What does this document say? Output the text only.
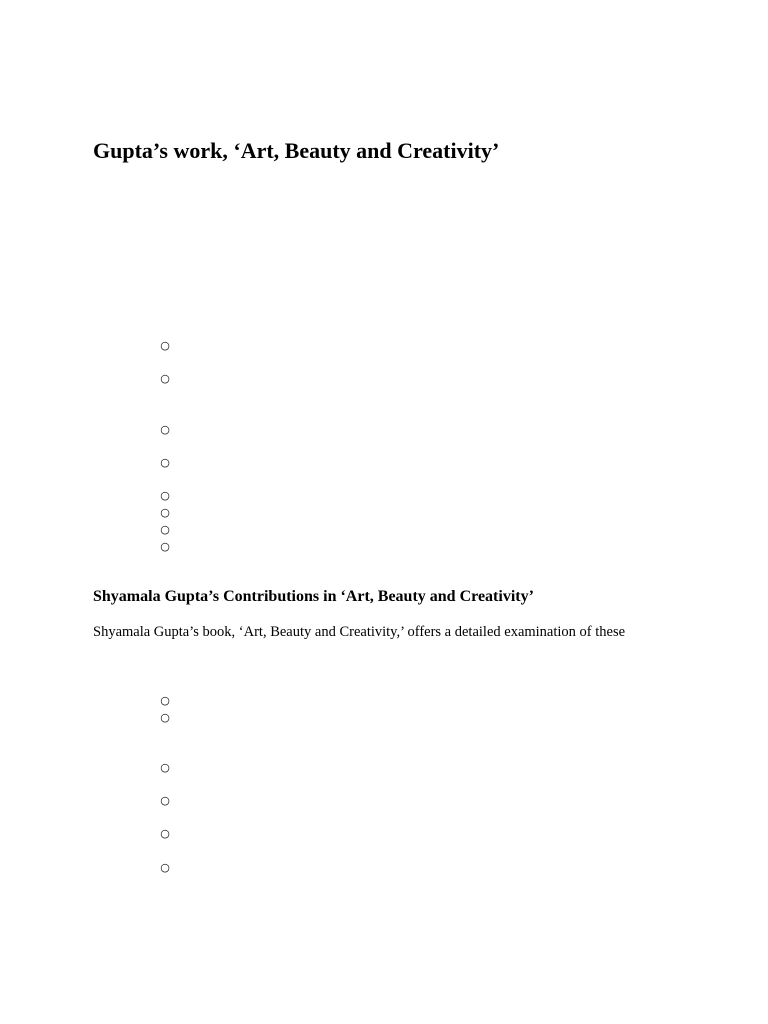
Gupta’s work, ‘Art, Beauty and Creativity’
○
○
○
○
○
○
○
○
Shyamala Gupta’s Contributions in ‘Art, Beauty and Creativity’

Shyamala Gupta’s book, ‘Art, Beauty and Creativity,’ offers a detailed examination of these

○
○
○
○
○
○
